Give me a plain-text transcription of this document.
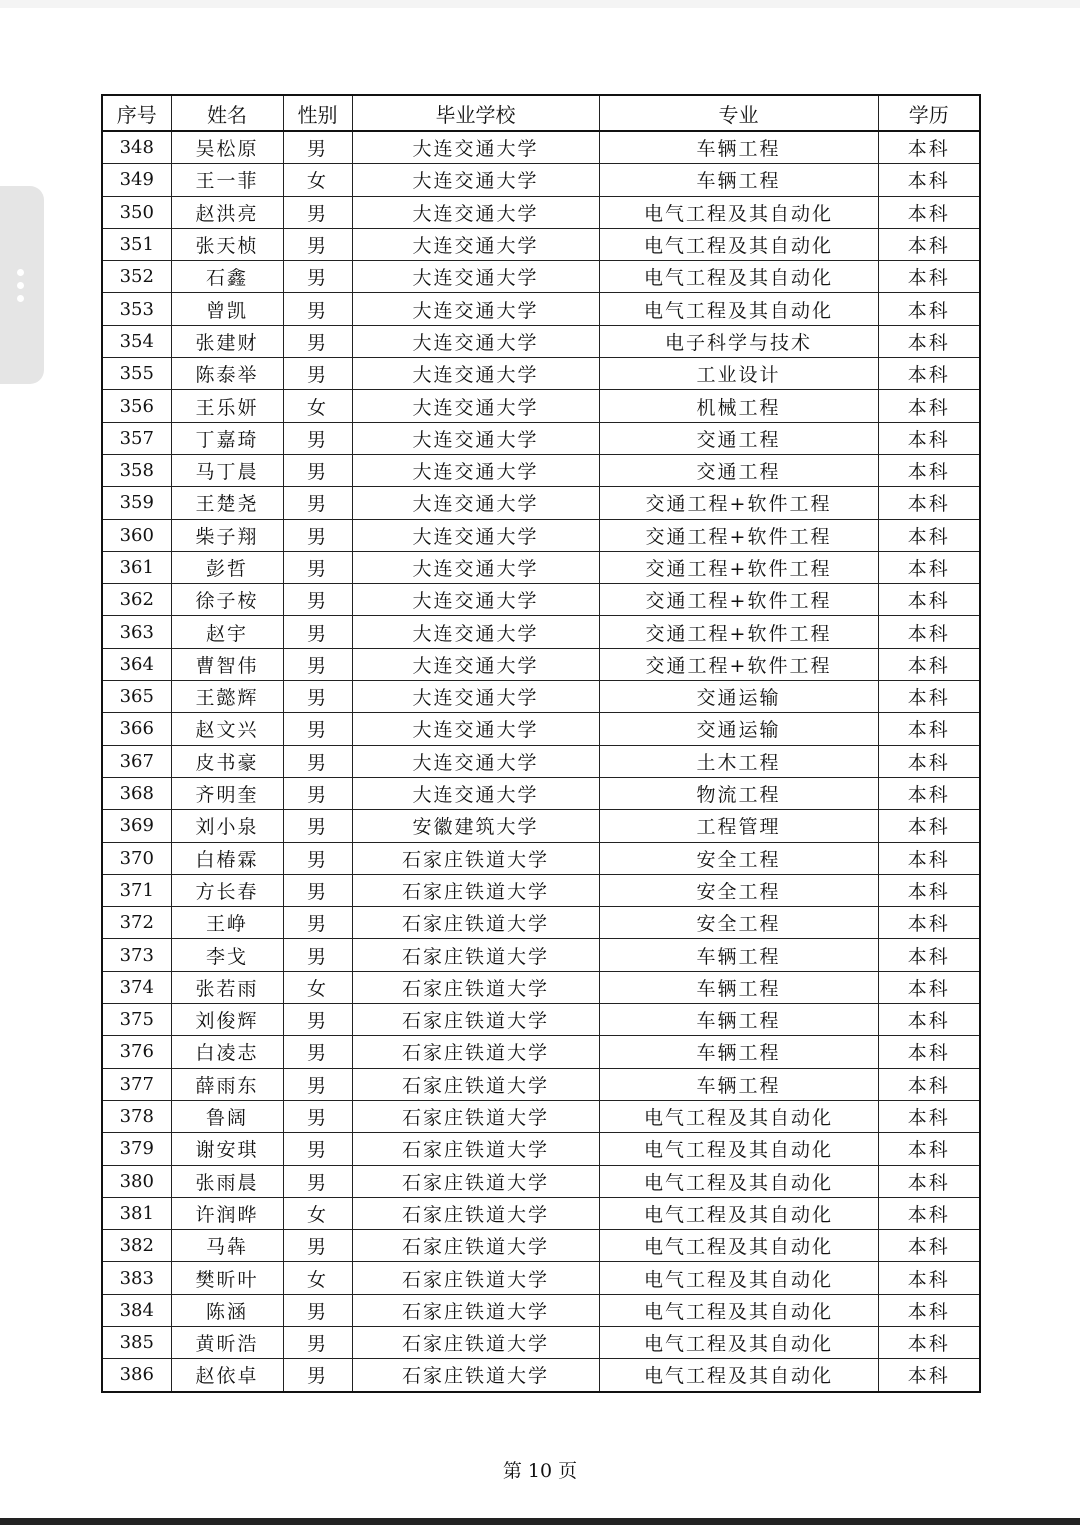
序号	姓名	性别	毕业学校	专业	学历
348	吴松原	男	大连交通大学	车辆工程	本科
349	王一菲	女	大连交通大学	车辆工程	本科
350	赵洪亮	男	大连交通大学	电气工程及其自动化	本科
351	张天桢	男	大连交通大学	电气工程及其自动化	本科
352	石鑫	男	大连交通大学	电气工程及其自动化	本科
353	曾凯	男	大连交通大学	电气工程及其自动化	本科
354	张建财	男	大连交通大学	电子科学与技术	本科
355	陈泰举	男	大连交通大学	工业设计	本科
356	王乐妍	女	大连交通大学	机械工程	本科
357	丁嘉琦	男	大连交通大学	交通工程	本科
358	马丁晨	男	大连交通大学	交通工程	本科
359	王楚尧	男	大连交通大学	交通工程+软件工程	本科
360	柴子翔	男	大连交通大学	交通工程+软件工程	本科
361	彭哲	男	大连交通大学	交通工程+软件工程	本科
362	徐子桉	男	大连交通大学	交通工程+软件工程	本科
363	赵宇	男	大连交通大学	交通工程+软件工程	本科
364	曹智伟	男	大连交通大学	交通工程+软件工程	本科
365	王懿辉	男	大连交通大学	交通运输	本科
366	赵文兴	男	大连交通大学	交通运输	本科
367	皮书豪	男	大连交通大学	土木工程	本科
368	齐明奎	男	大连交通大学	物流工程	本科
369	刘小泉	男	安徽建筑大学	工程管理	本科
370	白椿霖	男	石家庄铁道大学	安全工程	本科
371	方长春	男	石家庄铁道大学	安全工程	本科
372	王峥	男	石家庄铁道大学	安全工程	本科
373	李戈	男	石家庄铁道大学	车辆工程	本科
374	张若雨	女	石家庄铁道大学	车辆工程	本科
375	刘俊辉	男	石家庄铁道大学	车辆工程	本科
376	白凌志	男	石家庄铁道大学	车辆工程	本科
377	薛雨东	男	石家庄铁道大学	车辆工程	本科
378	鲁阔	男	石家庄铁道大学	电气工程及其自动化	本科
379	谢安琪	男	石家庄铁道大学	电气工程及其自动化	本科
380	张雨晨	男	石家庄铁道大学	电气工程及其自动化	本科
381	许润晔	女	石家庄铁道大学	电气工程及其自动化	本科
382	马犇	男	石家庄铁道大学	电气工程及其自动化	本科
383	樊昕叶	女	石家庄铁道大学	电气工程及其自动化	本科
384	陈涵	男	石家庄铁道大学	电气工程及其自动化	本科
385	黄昕浩	男	石家庄铁道大学	电气工程及其自动化	本科
386	赵依卓	男	石家庄铁道大学	电气工程及其自动化	本科
第 10 页
